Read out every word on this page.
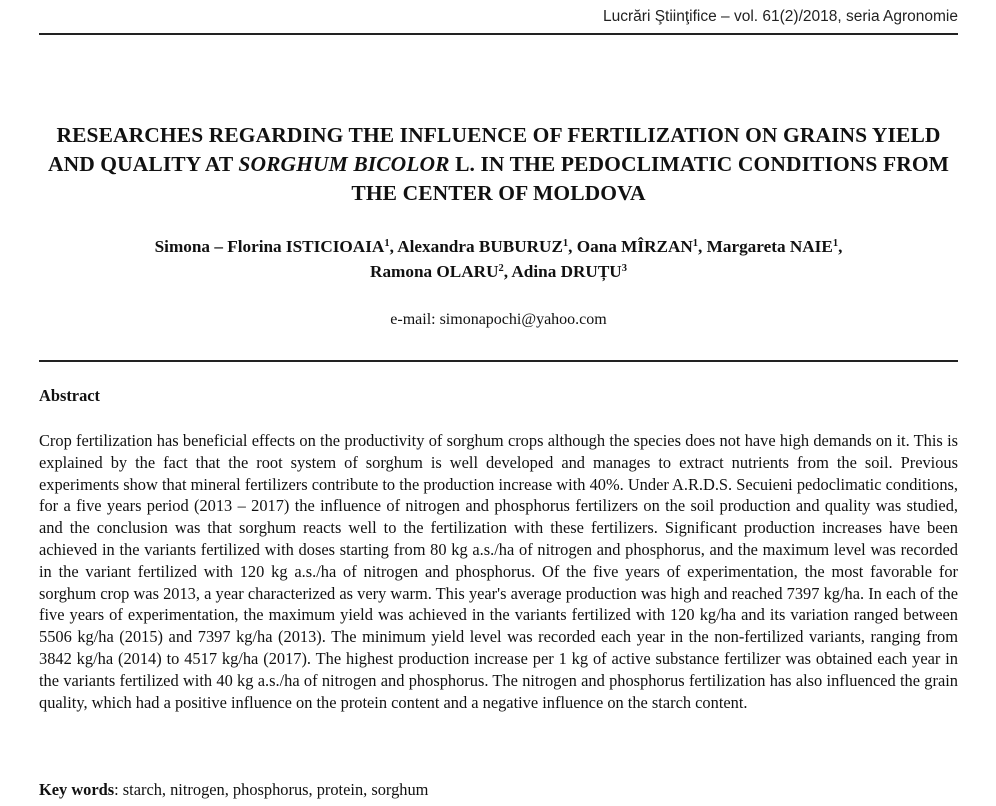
Lucrări Ştiinţifice – vol. 61(2)/2018, seria Agronomie
RESEARCHES REGARDING THE INFLUENCE OF FERTILIZATION ON GRAINS YIELD AND QUALITY AT SORGHUM BICOLOR L. IN THE PEDOCLIMATIC CONDITIONS FROM THE CENTER OF MOLDOVA
Simona – Florina ISTICIOAIA$^1$, Alexandra BUBURUZ$^1$, Oana MÎRZAN$^1$, Margareta NAIE$^1$,
Ramona OLARU$^2$, Adina DRUȚU$^3$
e-mail: simonapochi@yahoo.com
Abstract
Crop fertilization has beneficial effects on the productivity of sorghum crops although the species does not have high demands on it. This is explained by the fact that the root system of sorghum is well developed and manages to extract nutrients from the soil. Previous experiments show that mineral fertilizers contribute to the production increase with 40%. Under A.R.D.S. Secuieni pedoclimatic conditions, for a five years period (2013 – 2017) the influence of nitrogen and phosphorus fertilizers on the soil production and quality was studied, and the conclusion was that sorghum reacts well to the fertilization with these fertilizers. Significant production increases have been achieved in the variants fertilized with doses starting from 80 kg a.s./ha of nitrogen and phosphorus, and the maximum level was recorded in the variant fertilized with 120 kg a.s./ha of nitrogen and phosphorus. Of the five years of experimentation, the most favorable for sorghum crop was 2013, a year characterized as very warm. This year's average production was high and reached 7397 kg/ha. In each of the five years of experimentation, the maximum yield was achieved in the variants fertilized with 120 kg/ha and its variation ranged between 5506 kg/ha (2015) and 7397 kg/ha (2013). The minimum yield level was recorded each year in the non-fertilized variants, ranging from 3842 kg/ha (2014) to 4517 kg/ha (2017). The highest production increase per 1 kg of active substance fertilizer was obtained each year in the variants fertilized with 40 kg a.s./ha of nitrogen and phosphorus. The nitrogen and phosphorus fertilization has also influenced the grain quality, which had a positive influence on the protein content and a negative influence on the starch content.
Key words: starch, nitrogen, phosphorus, protein, sorghum
